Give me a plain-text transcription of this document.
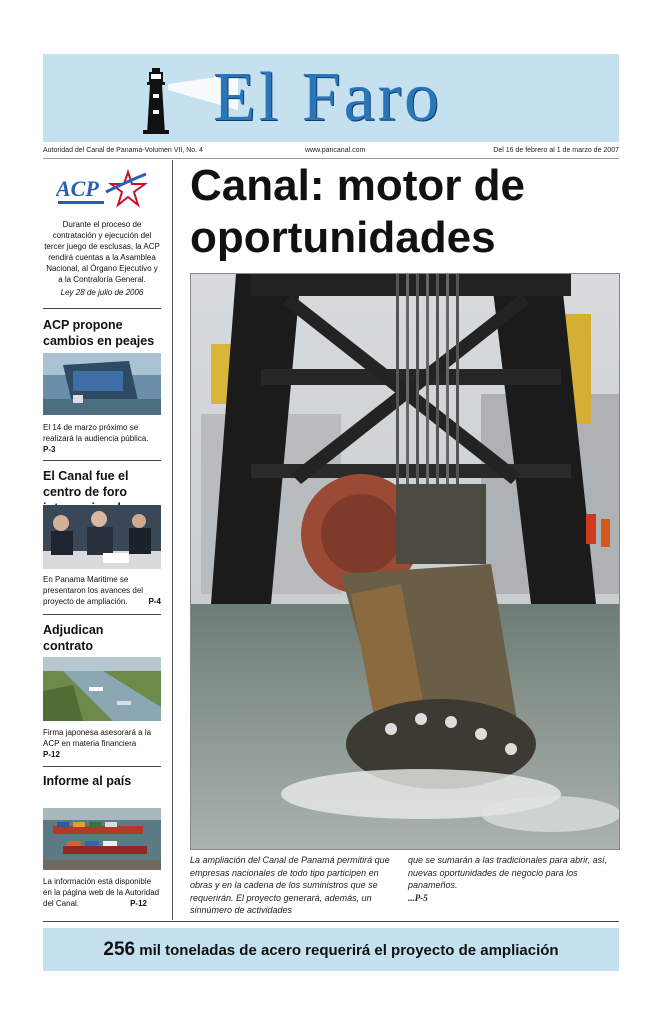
El Faro
Autoridad del Canal de Panamá-Volumen VII, No. 4	www.pancanal.com	Del 16 de febrero al 1 de marzo de 2007
ACP
Durante el proceso de contratación y ejecución del tercer juego de esclusas, la ACP rendirá cuentas a la Asamblea Nacional, al Órgano Ejecutivo y a la Contraloría General.
Ley 28 de julio de 2006
ACP propone cambios en peajes
El 14 de marzo próximo se realizará la audiencia pública.
P-3
El Canal fue el centro de foro
En Panama Maritime se presentaron los avances del proyecto de ampliación.	P-4
Adjudican contrato
Firma japonesa asesorará a la ACP en materia financiera
P-12
Informe al país
La información está disponible en la página web de la Autoridad del Canal.	P-12
Canal: motor de oportunidades
La ampliación del Canal de Panamá permitirá que empresas nacionales de todo tipo participen en obras y en la cadena de los suministros que se requerirán. El proyecto generará, además, un sinnúmero de actividades
que se sumarán a las tradicionales para abrir, así, nuevas oportunidades de negocio para los panameños.
...P-5
256 mil toneladas de acero requerirá el proyecto de ampliación
